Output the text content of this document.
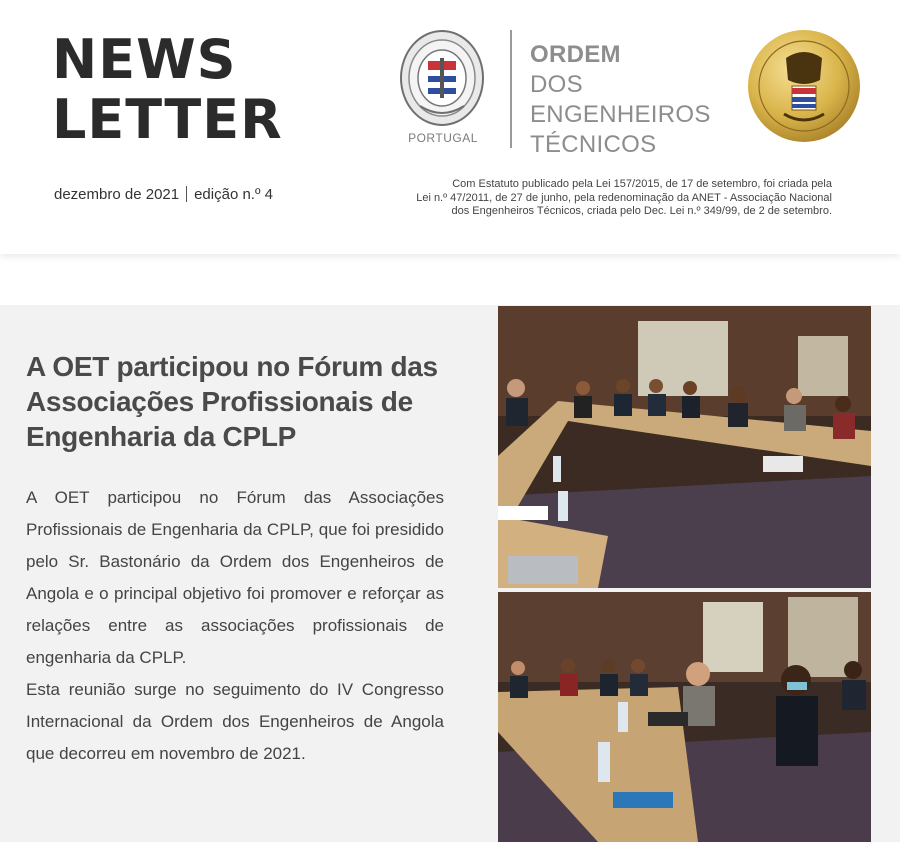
NEWS
LETTER
dezembro de 2021 edição n.º 4
PORTUGAL
ORDEM
DOS
ENGENHEIROS
TÉCNICOS
Com Estatuto publicado pela Lei 157/2015, de 17 de setembro, foi criada pela
Lei n.º 47/2011, de 27 de junho, pela redenominação da ANET - Associação Nacional
dos Engenheiros Técnicos, criada pelo Dec. Lei n.º 349/99, de 2 de setembro.
A OET participou no Fórum das Associações Profissionais de Engenharia da CPLP

A OET participou no Fórum das Associações Profissionais de Engenharia da CPLP, que foi presidido pelo Sr. Bastonário da Ordem dos Engenheiros de Angola e o principal objetivo foi promover e reforçar as relações entre as associações profissionais de engenharia da CPLP.

Esta reunião surge no seguimento do IV Congresso Internacional da Ordem dos Engenheiros de Angola que decorreu em novembro de 2021.
